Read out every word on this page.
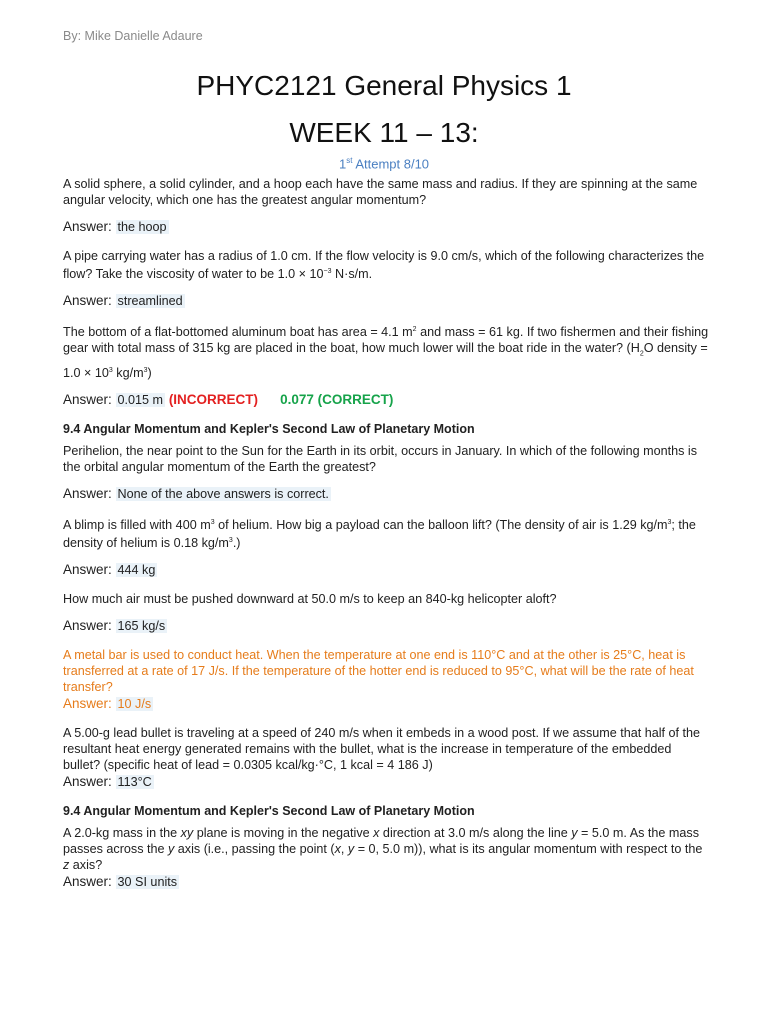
By: Mike Danielle Adaure
PHYC2121 General Physics 1
WEEK 11 – 13:
1st Attempt 8/10

A solid sphere, a solid cylinder, and a hoop each have the same mass and radius. If they are spinning at the same angular velocity, which one has the greatest angular momentum?

Answer: the hoop

A pipe carrying water has a radius of 1.0 cm. If the flow velocity is 9.0 cm/s, which of the following characterizes the flow? Take the viscosity of water to be $1.0 \times 10^{-3}$ N·s/m.

Answer: streamlined

The bottom of a flat-bottomed aluminum boat has area = 4.1 $m^2$ and mass = 61 kg. If two fishermen and their fishing gear with total mass of 315 kg are placed in the boat, how much lower will the boat ride in the water? ($H_2O$ density = $1.0 \times 10^3$ $kg/m^3$)

Answer: 0.015 m (INCORRECT) 0.077 (CORRECT)

9.4 Angular Momentum and Kepler's Second Law of Planetary Motion

Perihelion, the near point to the Sun for the Earth in its orbit, occurs in January. In which of the following months is the orbital angular momentum of the Earth the greatest?

Answer: None of the above answers is correct.

A blimp is filled with 400 $m^3$ of helium. How big a payload can the balloon lift? (The density of air is 1.29 $kg/m^3$; the density of helium is 0.18 $kg/m^3$.)

Answer: 444 kg

How much air must be pushed downward at 50.0 m/s to keep an 840-kg helicopter aloft?

Answer: 165 kg/s

A metal bar is used to conduct heat. When the temperature at one end is 110°C and at the other is 25°C, heat is transferred at a rate of 17 J/s. If the temperature of the hotter end is reduced to 95°C, what will be the rate of heat transfer?

Answer: 10 J/s

A 5.00-g lead bullet is traveling at a speed of 240 m/s when it embeds in a wood post. If we assume that half of the resultant heat energy generated remains with the bullet, what is the increase in temperature of the embedded bullet? (specific heat of lead = 0.0305 kcal/kg·°C, 1 kcal = 4 186 J)

Answer: 113°C

9.4 Angular Momentum and Kepler's Second Law of Planetary Motion

A 2.0-kg mass in the xy plane is moving in the negative x direction at 3.0 m/s along the line y = 5.0 m. As the mass passes across the y axis (i.e., passing the point (x, y = 0, 5.0 m)), what is its angular momentum with respect to the z axis?

Answer: 30 SI units
